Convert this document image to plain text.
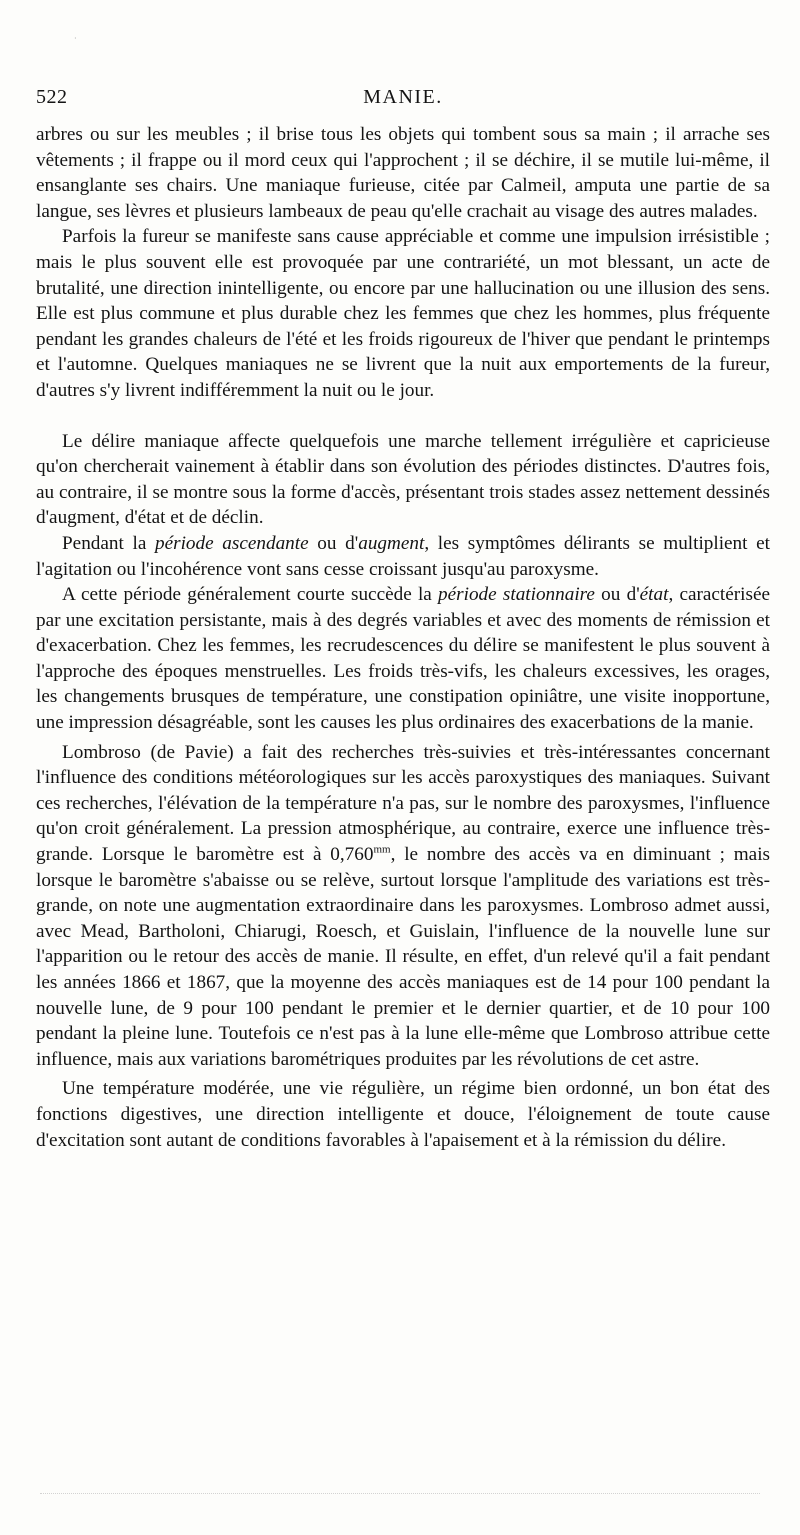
·
MANIE.
522

arbres ou sur les meubles ; il brise tous les objets qui tombent sous sa main ; il arrache ses vêtements ; il frappe ou il mord ceux qui l'approchent ; il se déchire, il se mutile lui-même, il ensanglante ses chairs. Une maniaque furieuse, citée par Calmeil, amputa une partie de sa langue, ses lèvres et plusieurs lambeaux de peau qu'elle crachait au visage des autres malades.

Parfois la fureur se manifeste sans cause appréciable et comme une impulsion irrésistible ; mais le plus souvent elle est provoquée par une contrariété, un mot blessant, un acte de brutalité, une direction inintelligente, ou encore par une hallucination ou une illusion des sens. Elle est plus commune et plus durable chez les femmes que chez les hommes, plus fréquente pendant les grandes chaleurs de l'été et les froids rigoureux de l'hiver que pendant le printemps et l'automne. Quelques maniaques ne se livrent que la nuit aux emportements de la fureur, d'autres s'y livrent indifféremment la nuit ou le jour.

Le délire maniaque affecte quelquefois une marche tellement irrégulière et capricieuse qu'on chercherait vainement à établir dans son évolution des périodes distinctes. D'autres fois, au contraire, il se montre sous la forme d'accès, présentant trois stades assez nettement dessinés d'augment, d'état et de déclin.

Pendant la période ascendante ou d'augment, les symptômes délirants se multiplient et l'agitation ou l'incohérence vont sans cesse croissant jusqu'au paroxysme.

A cette période généralement courte succède la période stationnaire ou d'état, caractérisée par une excitation persistante, mais à des degrés variables et avec des moments de rémission et d'exacerbation. Chez les femmes, les recrudescences du délire se manifestent le plus souvent à l'approche des époques menstruelles. Les froids très-vifs, les chaleurs excessives, les orages, les changements brusques de température, une constipation opiniâtre, une visite inopportune, une impression désagréable, sont les causes les plus ordinaires des exacerbations de la manie.

Lombroso (de Pavie) a fait des recherches très-suivies et très-intéressantes concernant l'influence des conditions météorologiques sur les accès paroxystiques des maniaques. Suivant ces recherches, l'élévation de la température n'a pas, sur le nombre des paroxysmes, l'influence qu'on croit généralement. La pression atmosphérique, au contraire, exerce une influence très-grande. Lorsque le baromètre est à $0,760^{mm}$, le nombre des accès va en diminuant ; mais lorsque le baromètre s'abaisse ou se relève, surtout lorsque l'amplitude des variations est très-grande, on note une augmentation extraordinaire dans les paroxysmes. Lombroso admet aussi, avec Mead, Bartholoni, Chiarugi, Roesch, et Guislain, l'influence de la nouvelle lune sur l'apparition ou le retour des accès de manie. Il résulte, en effet, d'un relevé qu'il a fait pendant les années 1866 et 1867, que la moyenne des accès maniaques est de 14 pour 100 pendant la nouvelle lune, de 9 pour 100 pendant le premier et le dernier quartier, et de 10 pour 100 pendant la pleine lune. Toutefois ce n'est pas à la lune elle-même que Lombroso attribue cette influence, mais aux variations barométriques produites par les révolutions de cet astre.

Une température modérée, une vie régulière, un régime bien ordonné, un bon état des fonctions digestives, une direction intelligente et douce, l'éloignement de toute cause d'excitation sont autant de conditions favorables à l'apaisement et à la rémission du délire.
